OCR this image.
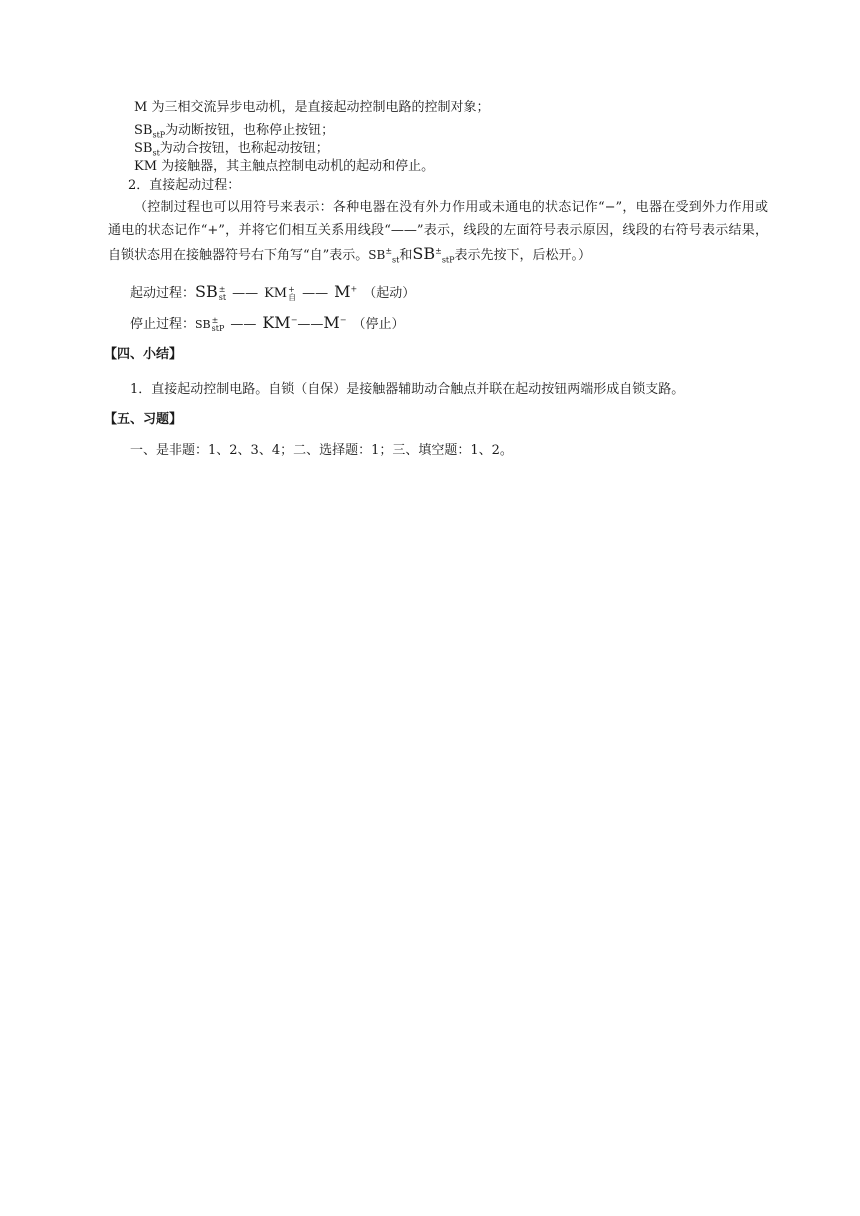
M 为三相交流异步电动机，是直接起动控制电路的控制对象；
$SB_{stP}$为动断按钮，也称停止按钮；
$SB_{st}$为动合按钮，也称起动按钮；
KM 为接触器，其主触点控制电动机的起动和停止。
2．直接起动过程：
（控制过程也可以用符号来表示：各种电器在没有外力作用或未通电的状态记作“−”，电器在受到外力作用或通电的状态记作“+”，并将它们相互关系用线段“——”表示，线段的左面符号表示原因，线段的右符号表示结果，自锁状态用在接触器符号右下角写“自”表示。$SB^\pm_{st}$和$SB^\pm_{stP}$表示先按下，后松开。）
起动过程：SB ±
st —— KM +
自 —— M+ （起动）
停止过程：SB ±
stP —— KM−——M− （停止）
【四、小结】
1．直接起动控制电路。自锁（自保）是接触器辅助动合触点并联在起动按钮两端形成自锁支路。
【五、习题】
一、是非题：1、2、3、4；二、选择题：1；三、填空题：1、2。
